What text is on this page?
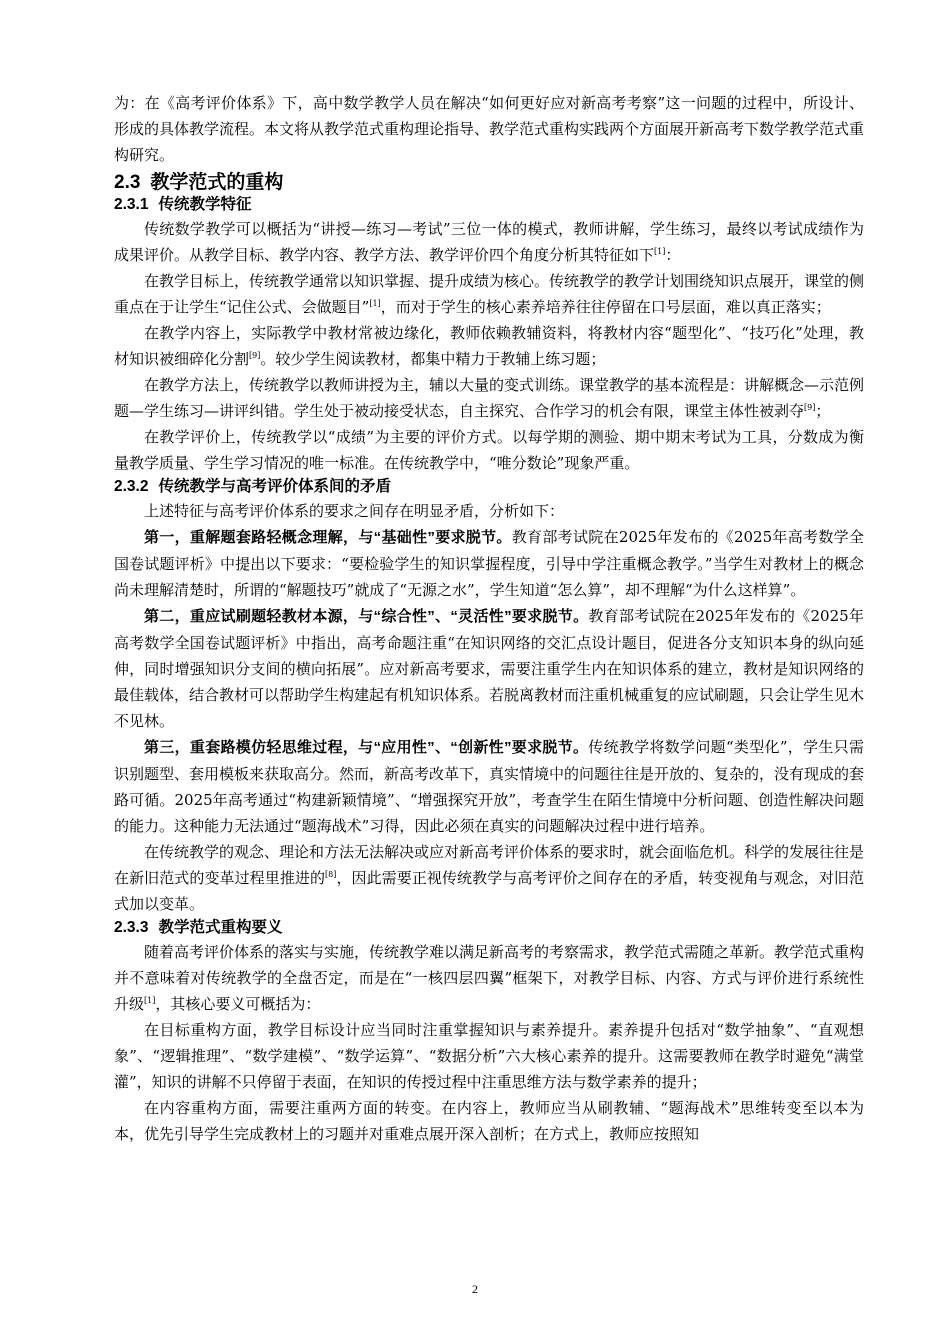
为：在《高考评价体系》下，高中数学教学人员在解决“如何更好应对新高考考察”这一问题的过程中，所设计、形成的具体教学流程。本文将从教学范式重构理论指导、教学范式重构实践两个方面展开新高考下数学教学范式重构研究。

2.3 教学范式的重构
2.3.1 传统教学特征

传统数学教学可以概括为“讲授—练习—考试”三位一体的模式，教师讲解，学生练习，最终以考试成绩作为成果评价。从教学目标、教学内容、教学方法、教学评价四个角度分析其特征如下[1]：

在教学目标上，传统教学通常以知识掌握、提升成绩为核心。传统教学的教学计划围绕知识点展开，课堂的侧重点在于让学生“记住公式、会做题目”[1]，而对于学生的核心素养培养往往停留在口号层面，难以真正落实；

在教学内容上，实际教学中教材常被边缘化，教师依赖教辅资料，将教材内容“题型化”、“技巧化”处理，教材知识被细碎化分割[9]。较少学生阅读教材，都集中精力于教辅上练习题；

在教学方法上，传统教学以教师讲授为主，辅以大量的变式训练。课堂教学的基本流程是：讲解概念—示范例题—学生练习—讲评纠错。学生处于被动接受状态，自主探究、合作学习的机会有限，课堂主体性被剥夺[9]；

在教学评价上，传统教学以“成绩”为主要的评价方式。以每学期的测验、期中期末考试为工具，分数成为衡量教学质量、学生学习情况的唯一标准。在传统教学中，“唯分数论”现象严重。

2.3.2 传统教学与高考评价体系间的矛盾

上述特征与高考评价体系的要求之间存在明显矛盾，分析如下：

第一，重解题套路轻概念理解，与“基础性”要求脱节。教育部考试院在2025年发布的《2025年高考数学全国卷试题评析》中提出以下要求：“要检验学生的知识掌握程度，引导中学注重概念教学。”当学生对教材上的概念尚未理解清楚时，所谓的“解题技巧”就成了“无源之水”，学生知道“怎么算”，却不理解“为什么这样算”。

第二，重应试刷题轻教材本源，与“综合性”、“灵活性”要求脱节。教育部考试院在2025年发布的《2025年高考数学全国卷试题评析》中指出，高考命题注重“在知识网络的交汇点设计题目，促进各分支知识本身的纵向延伸，同时增强知识分支间的横向拓展”。应对新高考要求，需要注重学生内在知识体系的建立，教材是知识网络的最佳载体，结合教材可以帮助学生构建起有机知识体系。若脱离教材而注重机械重复的应试刷题，只会让学生见木不见林。

第三，重套路模仿轻思维过程，与“应用性”、“创新性”要求脱节。传统教学将数学问题“类型化”，学生只需识别题型、套用模板来获取高分。然而，新高考改革下，真实情境中的问题往往是开放的、复杂的，没有现成的套路可循。2025年高考通过“构建新颖情境”、“增强探究开放”，考查学生在陌生情境中分析问题、创造性解决问题的能力。这种能力无法通过“题海战术”习得，因此必须在真实的问题解决过程中进行培养。

在传统教学的观念、理论和方法无法解决或应对新高考评价体系的要求时，就会面临危机。科学的发展往往是在新旧范式的变革过程里推进的[8]，因此需要正视传统教学与高考评价之间存在的矛盾，转变视角与观念，对旧范式加以变革。

2.3.3 教学范式重构要义

随着高考评价体系的落实与实施，传统教学难以满足新高考的考察需求，教学范式需随之革新。教学范式重构并不意味着对传统教学的全盘否定，而是在“一核四层四翼”框架下，对教学目标、内容、方式与评价进行系统性升级[1]，其核心要义可概括为：

在目标重构方面，教学目标设计应当同时注重掌握知识与素养提升。素养提升包括对“数学抽象”、“直观想象”、“逻辑推理”、“数学建模”、“数学运算”、“数据分析”六大核心素养的提升。这需要教师在教学时避免“满堂灌”，知识的讲解不只停留于表面，在知识的传授过程中注重思维方法与数学素养的提升；

在内容重构方面，需要注重两方面的转变。在内容上，教师应当从刷教辅、“题海战术”思维转变至以本为本，优先引导学生完成教材上的习题并对重难点展开深入剖析；在方式上，教师应按照知

2
